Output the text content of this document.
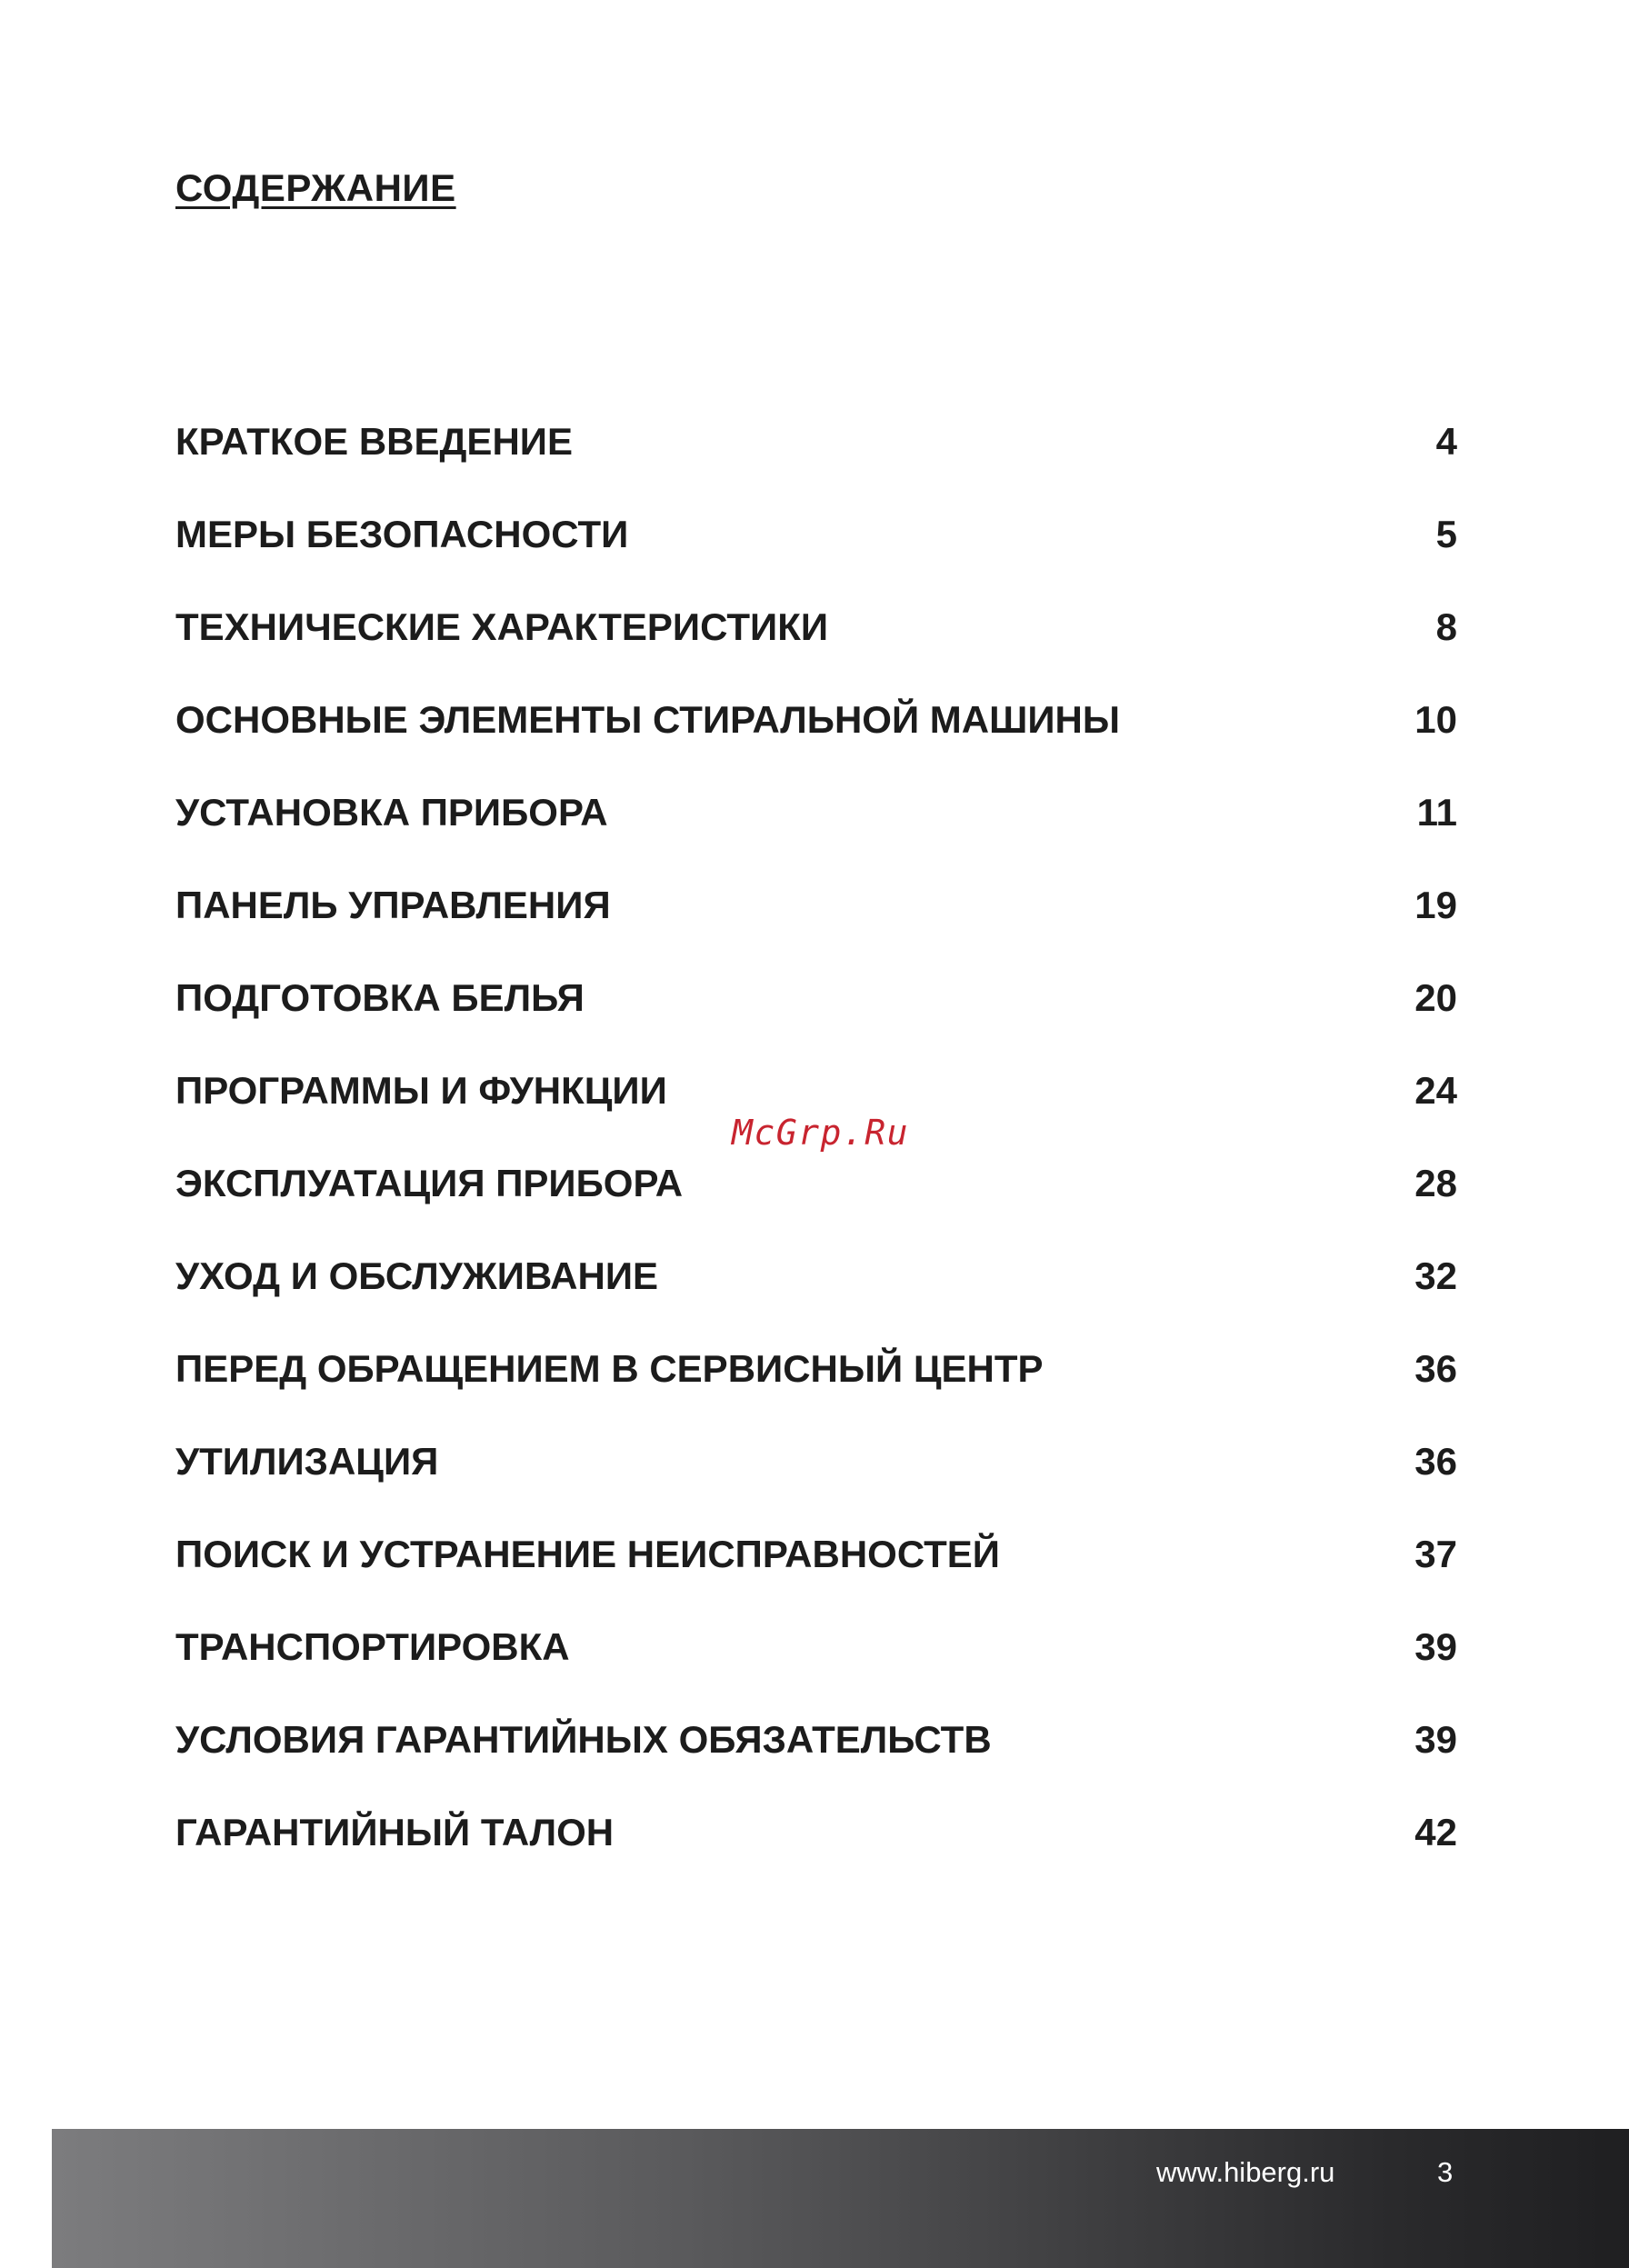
СОДЕРЖАНИЕ
КРАТКОЕ ВВЕДЕНИЕ	4
МЕРЫ БЕЗОПАСНОСТИ	5
ТЕХНИЧЕСКИЕ ХАРАКТЕРИСТИКИ	8
ОСНОВНЫЕ ЭЛЕМЕНТЫ СТИРАЛЬНОЙ МАШИНЫ	10
УСТАНОВКА ПРИБОРА	11
ПАНЕЛЬ УПРАВЛЕНИЯ	19
ПОДГОТОВКА БЕЛЬЯ	20
ПРОГРАММЫ И ФУНКЦИИ	24
ЭКСПЛУАТАЦИЯ ПРИБОРА	28
УХОД И ОБСЛУЖИВАНИЕ	32
ПЕРЕД ОБРАЩЕНИЕМ В СЕРВИСНЫЙ ЦЕНТР	36
УТИЛИЗАЦИЯ	36
ПОИСК И УСТРАНЕНИЕ НЕИСПРАВНОСТЕЙ	37
ТРАНСПОРТИРОВКА	39
УСЛОВИЯ ГАРАНТИЙНЫХ ОБЯЗАТЕЛЬСТВ	39
ГАРАНТИЙНЫЙ ТАЛОН	42
McGrp.Ru
www.hiberg.ru	3
